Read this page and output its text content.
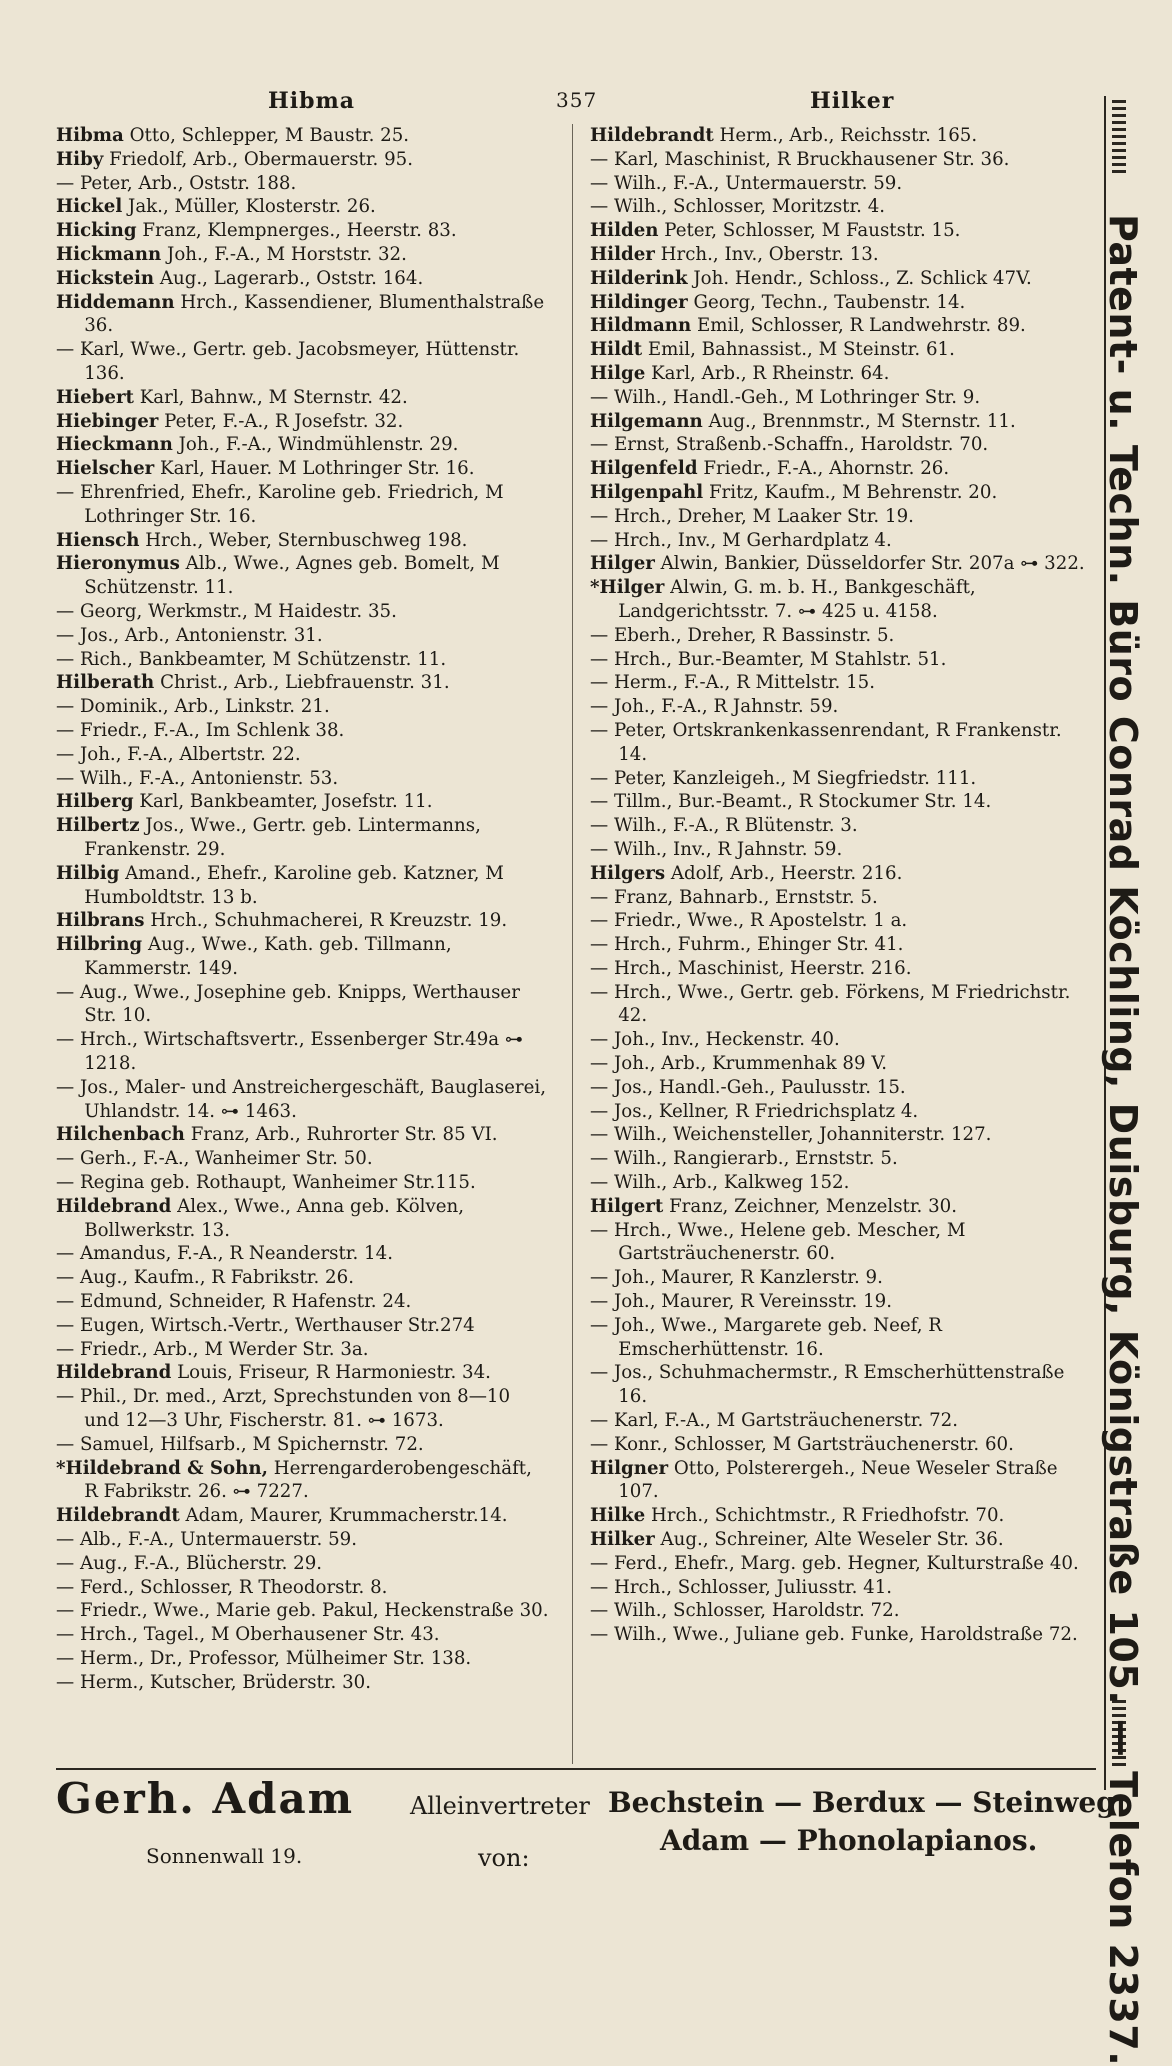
Hibma	357	Hilker
Hibma Otto, Schlepper, M Baustr. 25.
Hiby Friedolf, Arb., Obermauerstr. 95.
— Peter, Arb., Oststr. 188.
Hickel Jak., Müller, Klosterstr. 26.
Hicking Franz, Klempnerges., Heerstr. 83.
Hickmann Joh., F.-A., M Horststr. 32.
Hickstein Aug., Lagerarb., Oststr. 164.
Hiddemann Hrch., Kassendiener, Blumenthalstraße 36.
— Karl, Wwe., Gertr. geb. Jacobsmeyer, Hüttenstr. 136.
Hiebert Karl, Bahnw., M Sternstr. 42.
Hiebinger Peter, F.-A., R Josefstr. 32.
Hieckmann Joh., F.-A., Windmühlenstr. 29.
Hielscher Karl, Hauer. M Lothringer Str. 16.
— Ehrenfried, Ehefr., Karoline geb. Friedrich, M Lothringer Str. 16.
Hiensch Hrch., Weber, Sternbuschweg 198.
Hieronymus Alb., Wwe., Agnes geb. Bomelt, M Schützenstr. 11.
— Georg, Werkmstr., M Haidestr. 35.
— Jos., Arb., Antonienstr. 31.
— Rich., Bankbeamter, M Schützenstr. 11.
Hilberath Christ., Arb., Liebfrauenstr. 31.
— Dominik., Arb., Linkstr. 21.
— Friedr., F.-A., Im Schlenk 38.
— Joh., F.-A., Albertstr. 22.
— Wilh., F.-A., Antonienstr. 53.
Hilberg Karl, Bankbeamter, Josefstr. 11.
Hilbertz Jos., Wwe., Gertr. geb. Lintermanns, Frankenstr. 29.
Hilbig Amand., Ehefr., Karoline geb. Katzner, M Humboldtstr. 13 b.
Hilbrans Hrch., Schuhmacherei, R Kreuzstr. 19.
Hilbring Aug., Wwe., Kath. geb. Tillmann, Kammerstr. 149.
— Aug., Wwe., Josephine geb. Knipps, Werthauser Str. 10.
— Hrch., Wirtschaftsvertr., Essenberger Str.49a ⊶ 1218.
— Jos., Maler- und Anstreichergeschäft, Bauglaserei, Uhlandstr. 14. ⊶ 1463.
Hilchenbach Franz, Arb., Ruhrorter Str. 85 VI.
— Gerh., F.-A., Wanheimer Str. 50.
— Regina geb. Rothaupt, Wanheimer Str.115.
Hildebrand Alex., Wwe., Anna geb. Kölven, Bollwerkstr. 13.
— Amandus, F.-A., R Neanderstr. 14.
— Aug., Kaufm., R Fabrikstr. 26.
— Edmund, Schneider, R Hafenstr. 24.
— Eugen, Wirtsch.-Vertr., Werthauser Str.274
— Friedr., Arb., M Werder Str. 3a.
Hildebrand Louis, Friseur, R Harmoniestr. 34.
— Phil., Dr. med., Arzt, Sprechstunden von 8—10 und 12—3 Uhr, Fischerstr. 81. ⊶ 1673.
— Samuel, Hilfsarb., M Spichernstr. 72.
*Hildebrand & Sohn, Herrengarderobengeschäft, R Fabrikstr. 26. ⊶ 7227.
Hildebrandt Adam, Maurer, Krummacherstr.14.
— Alb., F.-A., Untermauerstr. 59.
— Aug., F.-A., Blücherstr. 29.
— Ferd., Schlosser, R Theodorstr. 8.
— Friedr., Wwe., Marie geb. Pakul, Heckenstraße 30.
— Hrch., Tagel., M Oberhausener Str. 43.
— Herm., Dr., Professor, Mülheimer Str. 138.
— Herm., Kutscher, Brüderstr. 30.
Hildebrandt Herm., Arb., Reichsstr. 165.
— Karl, Maschinist, R Bruckhausener Str. 36.
— Wilh., F.-A., Untermauerstr. 59.
— Wilh., Schlosser, Moritzstr. 4.
Hilden Peter, Schlosser, M Fauststr. 15.
Hilder Hrch., Inv., Oberstr. 13.
Hilderink Joh. Hendr., Schloss., Z. Schlick 47V.
Hildinger Georg, Techn., Taubenstr. 14.
Hildmann Emil, Schlosser, R Landwehrstr. 89.
Hildt Emil, Bahnassist., M Steinstr. 61.
Hilge Karl, Arb., R Rheinstr. 64.
— Wilh., Handl.-Geh., M Lothringer Str. 9.
Hilgemann Aug., Brennmstr., M Sternstr. 11.
— Ernst, Straßenb.-Schaffn., Haroldstr. 70.
Hilgenfeld Friedr., F.-A., Ahornstr. 26.
Hilgenpahl Fritz, Kaufm., M Behrenstr. 20.
— Hrch., Dreher, M Laaker Str. 19.
— Hrch., Inv., M Gerhardplatz 4.
Hilger Alwin, Bankier, Düsseldorfer Str. 207a ⊶ 322.
*Hilger Alwin, G. m. b. H., Bankgeschäft, Landgerichtsstr. 7. ⊶ 425 u. 4158.
— Eberh., Dreher, R Bassinstr. 5.
— Hrch., Bur.-Beamter, M Stahlstr. 51.
— Herm., F.-A., R Mittelstr. 15.
— Joh., F.-A., R Jahnstr. 59.
— Peter, Ortskrankenkassenrendant, R Frankenstr. 14.
— Peter, Kanzleigeh., M Siegfriedstr. 111.
— Tillm., Bur.-Beamt., R Stockumer Str. 14.
— Wilh., F.-A., R Blütenstr. 3.
— Wilh., Inv., R Jahnstr. 59.
Hilgers Adolf, Arb., Heerstr. 216.
— Franz, Bahnarb., Ernststr. 5.
— Friedr., Wwe., R Apostelstr. 1 a.
— Hrch., Fuhrm., Ehinger Str. 41.
— Hrch., Maschinist, Heerstr. 216.
— Hrch., Wwe., Gertr. geb. Förkens, M Friedrichstr. 42.
— Joh., Inv., Heckenstr. 40.
— Joh., Arb., Krummenhak 89 V.
— Jos., Handl.-Geh., Paulusstr. 15.
— Jos., Kellner, R Friedrichsplatz 4.
— Wilh., Weichensteller, Johanniterstr. 127.
— Wilh., Rangierarb., Ernststr. 5.
— Wilh., Arb., Kalkweg 152.
Hilgert Franz, Zeichner, Menzelstr. 30.
— Hrch., Wwe., Helene geb. Mescher, M Gartsträuchenerstr. 60.
— Joh., Maurer, R Kanzlerstr. 9.
— Joh., Maurer, R Vereinsstr. 19.
— Joh., Wwe., Margarete geb. Neef, R Emscherhüttenstr. 16.
— Jos., Schuhmachermstr., R Emscherhüttenstraße 16.
— Karl, F.-A., M Gartsträuchenerstr. 72.
— Konr., Schlosser, M Gartsträuchenerstr. 60.
Hilgner Otto, Polsterergeh., Neue Weseler Straße 107.
Hilke Hrch., Schichtmstr., R Friedhofstr. 70.
Hilker Aug., Schreiner, Alte Weseler Str. 36.
— Ferd., Ehefr., Marg. geb. Hegner, Kulturstraße 40.
— Hrch., Schlosser, Juliusstr. 41.
— Wilh., Schlosser, Haroldstr. 72.
— Wilh., Wwe., Juliane geb. Funke, Haroldstraße 72. Patent- u. Techn. Büro Conrad Köchling, Duisburg, Königstraße 105. — Telefon 2337.
Gerh. Adam
Sonnenwall 19.
Alleinvertreter
von:
Bechstein — Berdux — Steinweg
Adam — Phonolapianos.
